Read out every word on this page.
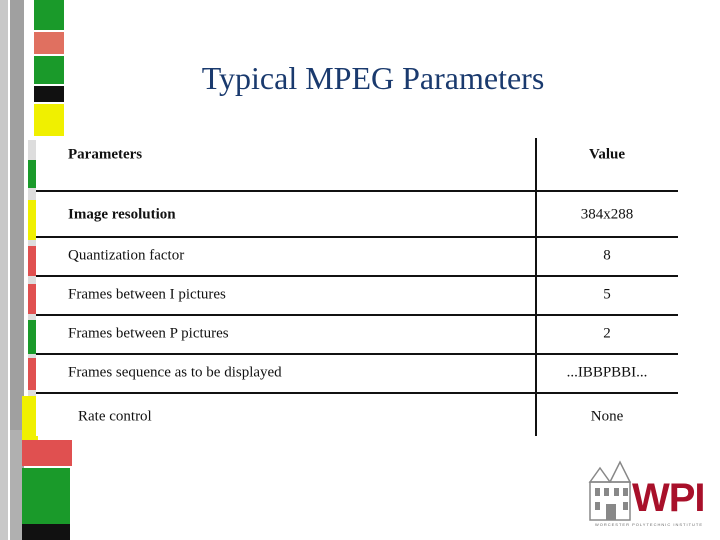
Typical MPEG Parameters
Parameters	Value
Image resolution	384x288
Quantization factor	8
Frames between I pictures	5
Frames between P pictures	2
Frames sequence as to be displayed	...IBBPBBI...
Rate control	None
WPI
WORCESTER POLYTECHNIC INSTITUTE
